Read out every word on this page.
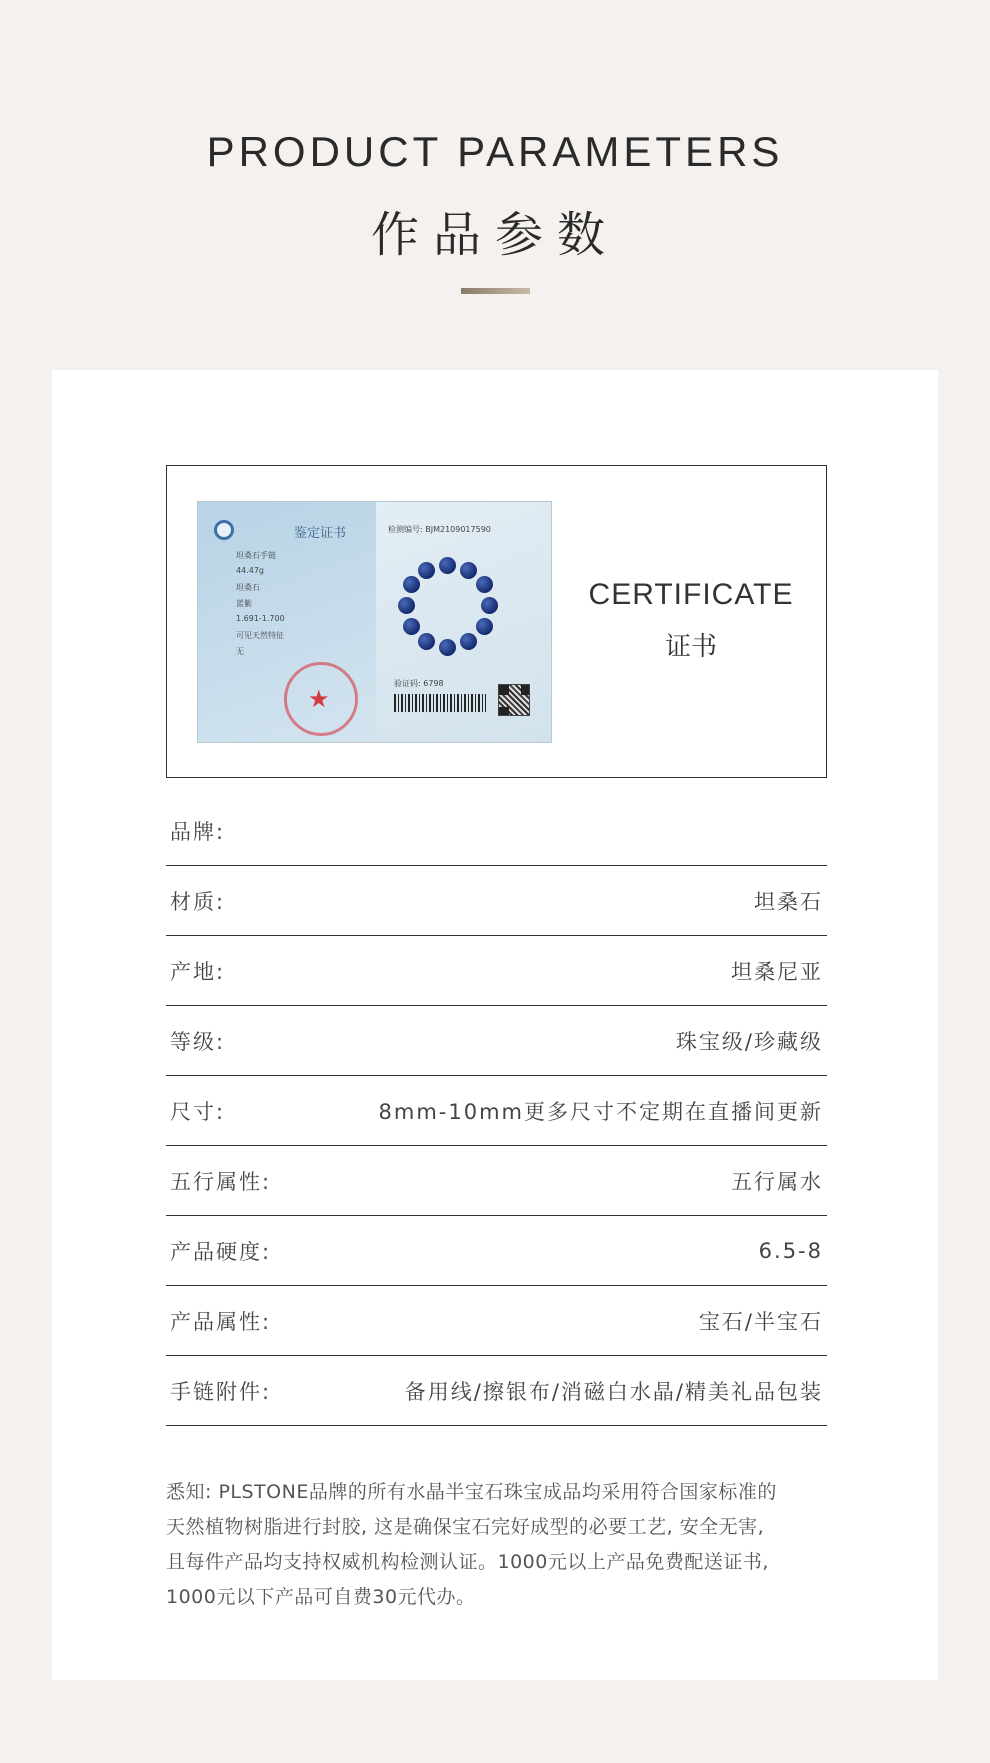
PRODUCT PARAMETERS
作品参数
鉴定证书	检测编号: BJM2109017590
坦桑石手链
44.47g
坦桑石
蓝紫
1.691-1.700
可见天然特征
无
★
验证码: 6798
CERTIFICATE
证书
品牌:
材质:	坦桑石
产地:	坦桑尼亚
等级:	珠宝级/珍藏级
尺寸:	8mm-10mm更多尺寸不定期在直播间更新
五行属性:	五行属水
产品硬度:	6.5-8
产品属性:	宝石/半宝石
手链附件:	备用线/擦银布/消磁白水晶/精美礼品包装
悉知: PLSTONE品牌的所有水晶半宝石珠宝成品均采用符合国家标准的
天然植物树脂进行封胶, 这是确保宝石完好成型的必要工艺, 安全无害,
且每件产品均支持权威机构检测认证。1000元以上产品免费配送证书,
1000元以下产品可自费30元代办。
